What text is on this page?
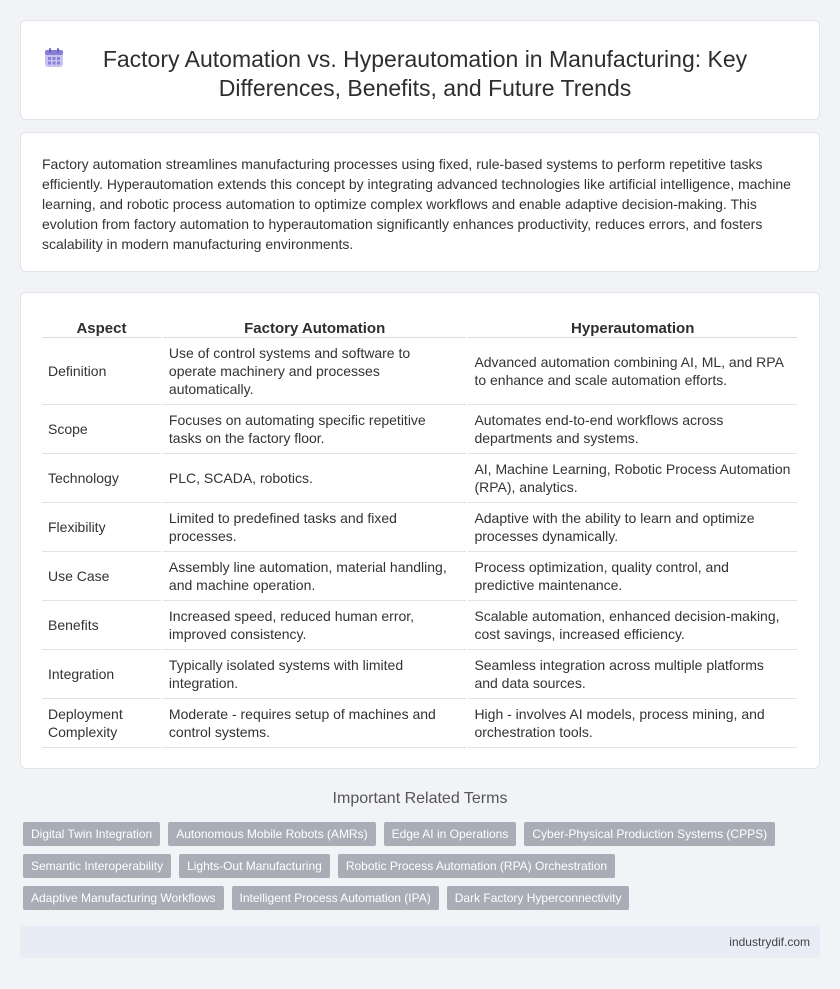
Factory Automation vs. Hyperautomation in Manufacturing: Key Differences, Benefits, and Future Trends

Factory automation streamlines manufacturing processes using fixed, rule-based systems to perform repetitive tasks efficiently. Hyperautomation extends this concept by integrating advanced technologies like artificial intelligence, machine learning, and robotic process automation to optimize complex workflows and enable adaptive decision-making. This evolution from factory automation to hyperautomation significantly enhances productivity, reduces errors, and fosters scalability in modern manufacturing environments.

Aspect	Factory Automation	Hyperautomation
Definition	Use of control systems and software to operate machinery and processes automatically.	Advanced automation combining AI, ML, and RPA to enhance and scale automation efforts.
Scope	Focuses on automating specific repetitive tasks on the factory floor.	Automates end-to-end workflows across departments and systems.
Technology	PLC, SCADA, robotics.	AI, Machine Learning, Robotic Process Automation (RPA), analytics.
Flexibility	Limited to predefined tasks and fixed processes.	Adaptive with the ability to learn and optimize processes dynamically.
Use Case	Assembly line automation, material handling, and machine operation.	Process optimization, quality control, and predictive maintenance.
Benefits	Increased speed, reduced human error, improved consistency.	Scalable automation, enhanced decision-making, cost savings, increased efficiency.
Integration	Typically isolated systems with limited integration.	Seamless integration across multiple platforms and data sources.
Deployment Complexity	Moderate - requires setup of machines and control systems.	High - involves AI models, process mining, and orchestration tools.
Important Related Terms
Digital Twin Integration	Autonomous Mobile Robots (AMRs)	Edge AI in Operations	Cyber-Physical Production Systems (CPPS)
Semantic Interoperability	Lights-Out Manufacturing	Robotic Process Automation (RPA) Orchestration
Adaptive Manufacturing Workflows	Intelligent Process Automation (IPA)	Dark Factory Hyperconnectivity
industrydif.com
